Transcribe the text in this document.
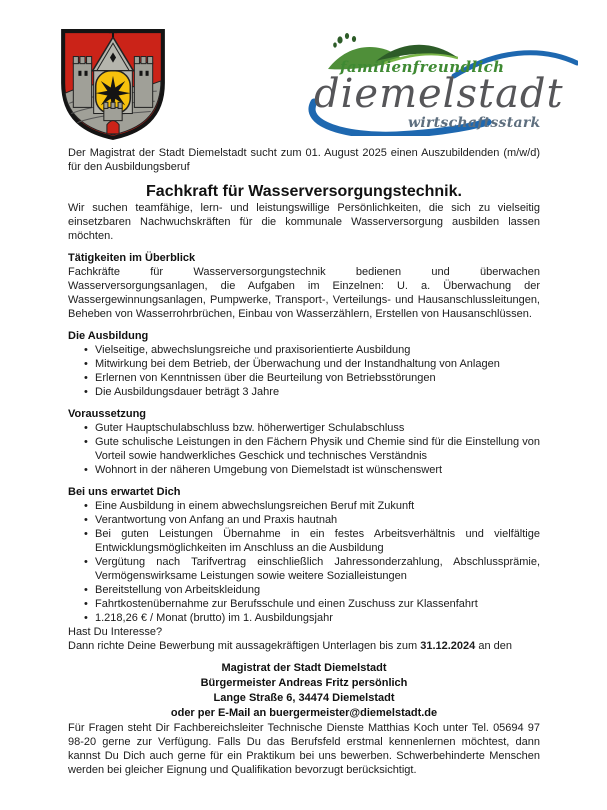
familienfreundlich
diemelstadt
wirtschaftsstark

Der Magistrat der Stadt Diemelstadt sucht zum 01. August 2025 einen Auszubildenden (m/w/d) für den Ausbildungsberuf

Fachkraft für Wasserversorgungstechnik.

Wir suchen teamfähige, lern- und leistungswillige Persönlichkeiten, die sich zu vielseitig einsetzbaren Nachwuchskräften für die kommunale Wasserversorgung ausbilden lassen möchten.

Tätigkeiten im Überblick

Fachkräfte für Wasserversorgungstechnik bedienen und überwachen Wasserversorgungsanlagen, die Aufgaben im Einzelnen: U. a. Überwachung der Wassergewinnungsanlagen, Pumpwerke, Transport-, Verteilungs- und Hausanschlussleitungen, Beheben von Wasserrohrbrüchen, Einbau von Wasserzählern, Erstellen von Hausanschlüssen.

Die Ausbildung
• Vielseitige, abwechslungsreiche und praxisorientierte Ausbildung
• Mitwirkung bei dem Betrieb, der Überwachung und der Instandhaltung von Anlagen
• Erlernen von Kenntnissen über die Beurteilung von Betriebsstörungen
• Die Ausbildungsdauer beträgt 3 Jahre
Voraussetzung
• Guter Hauptschulabschluss bzw. höherwertiger Schulabschluss
• Gute schulische Leistungen in den Fächern Physik und Chemie sind für die Einstellung von Vorteil sowie handwerkliches Geschick und technisches Verständnis
• Wohnort in der näheren Umgebung von Diemelstadt ist wünschenswert
Bei uns erwartet Dich
• Eine Ausbildung in einem abwechslungsreichen Beruf mit Zukunft
• Verantwortung von Anfang an und Praxis hautnah
• Bei guten Leistungen Übernahme in ein festes Arbeitsverhältnis und vielfältige Entwicklungsmöglichkeiten im Anschluss an die Ausbildung
• Vergütung nach Tarifvertrag einschließlich Jahressonderzahlung, Abschlussprämie, Vermögenswirksame Leistungen sowie weitere Sozialleistungen
• Bereitstellung von Arbeitskleidung
• Fahrtkostenübernahme zur Berufsschule und einen Zuschuss zur Klassenfahrt
• 1.218,26 € / Monat (brutto) im 1. Ausbildungsjahr

Hast Du Interesse?

Dann richte Deine Bewerbung mit aussagekräftigen Unterlagen bis zum 31.12.2024 an den

Magistrat der Stadt Diemelstadt
Bürgermeister Andreas Fritz persönlich
Lange Straße 6, 34474 Diemelstadt
oder per E-Mail an buergermeister@diemelstadt.de

Für Fragen steht Dir Fachbereichsleiter Technische Dienste Matthias Koch unter Tel. 05694 97 98-20 gerne zur Verfügung. Falls Du das Berufsfeld erstmal kennenlernen möchtest, dann kannst Du Dich auch gerne für ein Praktikum bei uns bewerben. Schwerbehinderte Menschen werden bei gleicher Eignung und Qualifikation bevorzugt berücksichtigt.
